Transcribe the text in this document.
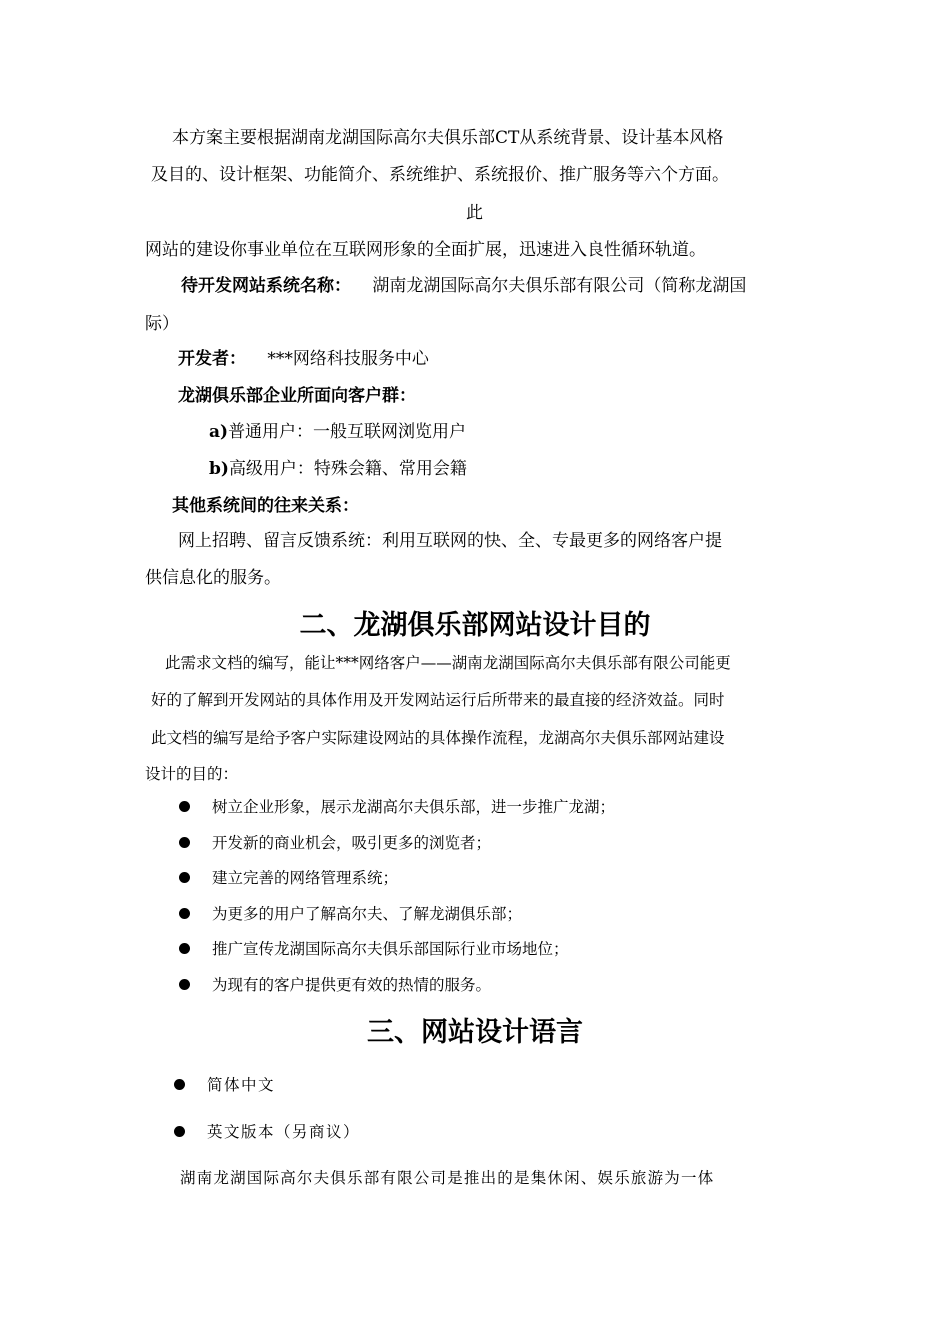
本方案主要根据湖南龙湖国际高尔夫俱乐部CT从系统背景、设计基本风格
及目的、设计框架、功能简介、系统维护、系统报价、推广服务等六个方面。
此
网站的建设你事业单位在互联网形象的全面扩展，迅速进入良性循环轨道。
待开发网站系统名称： 湖南龙湖国际高尔夫俱乐部有限公司（简称龙湖国
际）
开发者： ***网络科技服务中心
龙湖俱乐部企业所面向客户群：
a)普通用户：一般互联网浏览用户
b)高级用户：特殊会籍、常用会籍
其他系统间的往来关系：
网上招聘、留言反馈系统：利用互联网的快、全、专最更多的网络客户提
供信息化的服务。
二、龙湖俱乐部网站设计目的
此需求文档的编写，能让***网络客户——湖南龙湖国际高尔夫俱乐部有限公司能更
好的了解到开发网站的具体作用及开发网站运行后所带来的最直接的经济效益。同时
此文档的编写是给予客户实际建设网站的具体操作流程，龙湖高尔夫俱乐部网站建设
设计的目的：
树立企业形象，展示龙湖高尔夫俱乐部，进一步推广龙湖；
开发新的商业机会，吸引更多的浏览者；
建立完善的网络管理系统；
为更多的用户了解高尔夫、了解龙湖俱乐部；
推广宣传龙湖国际高尔夫俱乐部国际行业市场地位；
为现有的客户提供更有效的热情的服务。
三、网站设计语言
简体中文
英文版本（另商议）
湖南龙湖国际高尔夫俱乐部有限公司是推出的是集休闲、娱乐旅游为一体
